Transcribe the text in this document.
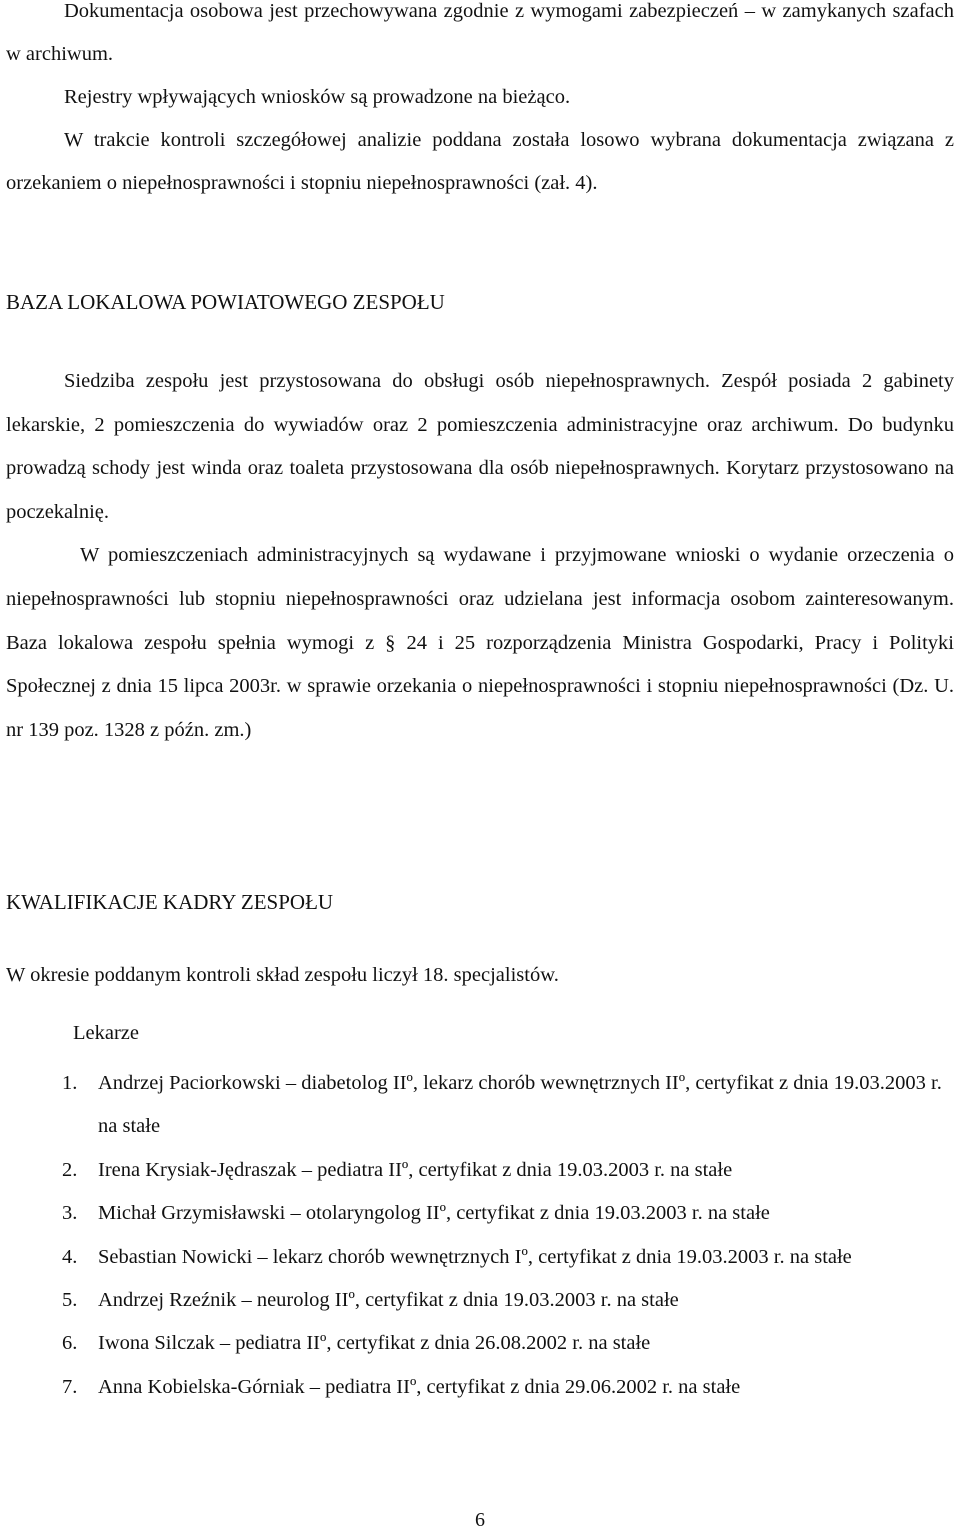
Dokumentacja osobowa jest przechowywana zgodnie z wymogami zabezpieczeń – w zamykanych szafach w archiwum.

Rejestry wpływających wniosków są prowadzone na bieżąco.

W trakcie kontroli szczegółowej analizie poddana została losowo wybrana dokumentacja związana z orzekaniem o niepełnosprawności i stopniu niepełnosprawności (zał. 4).

BAZA LOKALOWA POWIATOWEGO ZESPOŁU

Siedziba zespołu jest przystosowana do obsługi osób niepełnosprawnych. Zespół posiada 2 gabinety lekarskie, 2 pomieszczenia do wywiadów oraz 2 pomieszczenia administracyjne oraz archiwum. Do budynku prowadzą schody jest winda oraz toaleta przystosowana dla osób niepełnosprawnych. Korytarz przystosowano na poczekalnię.

W pomieszczeniach administracyjnych są wydawane i przyjmowane wnioski o wydanie orzeczenia o niepełnosprawności lub stopniu niepełnosprawności oraz udzielana jest informacja osobom zainteresowanym. Baza lokalowa zespołu spełnia wymogi z § 24 i 25 rozporządzenia Ministra Gospodarki, Pracy i Polityki Społecznej z dnia 15 lipca 2003r. w sprawie orzekania o niepełnosprawności i stopniu niepełnosprawności (Dz. U. nr 139 poz. 1328 z późn. zm.)

KWALIFIKACJE KADRY ZESPOŁU
W okresie poddanym kontroli skład zespołu liczył 18. specjalistów.
Lekarze
1. Andrzej Paciorkowski – diabetolog IIº, lekarz chorób wewnętrznych IIº, certyfikat z dnia 19.03.2003 r. na stałe
2. Irena Krysiak-Jędraszak – pediatra IIº, certyfikat z dnia 19.03.2003 r. na stałe
3. Michał Grzymisławski – otolaryngolog IIº, certyfikat z dnia 19.03.2003 r. na stałe
4. Sebastian Nowicki – lekarz chorób wewnętrznych Iº, certyfikat z dnia 19.03.2003 r. na stałe
5. Andrzej Rzeźnik – neurolog IIº, certyfikat z dnia 19.03.2003 r. na stałe
6. Iwona Silczak – pediatra IIº, certyfikat z dnia 26.08.2002 r. na stałe
7. Anna Kobielska-Górniak – pediatra IIº, certyfikat z dnia 29.06.2002 r. na stałe
6
